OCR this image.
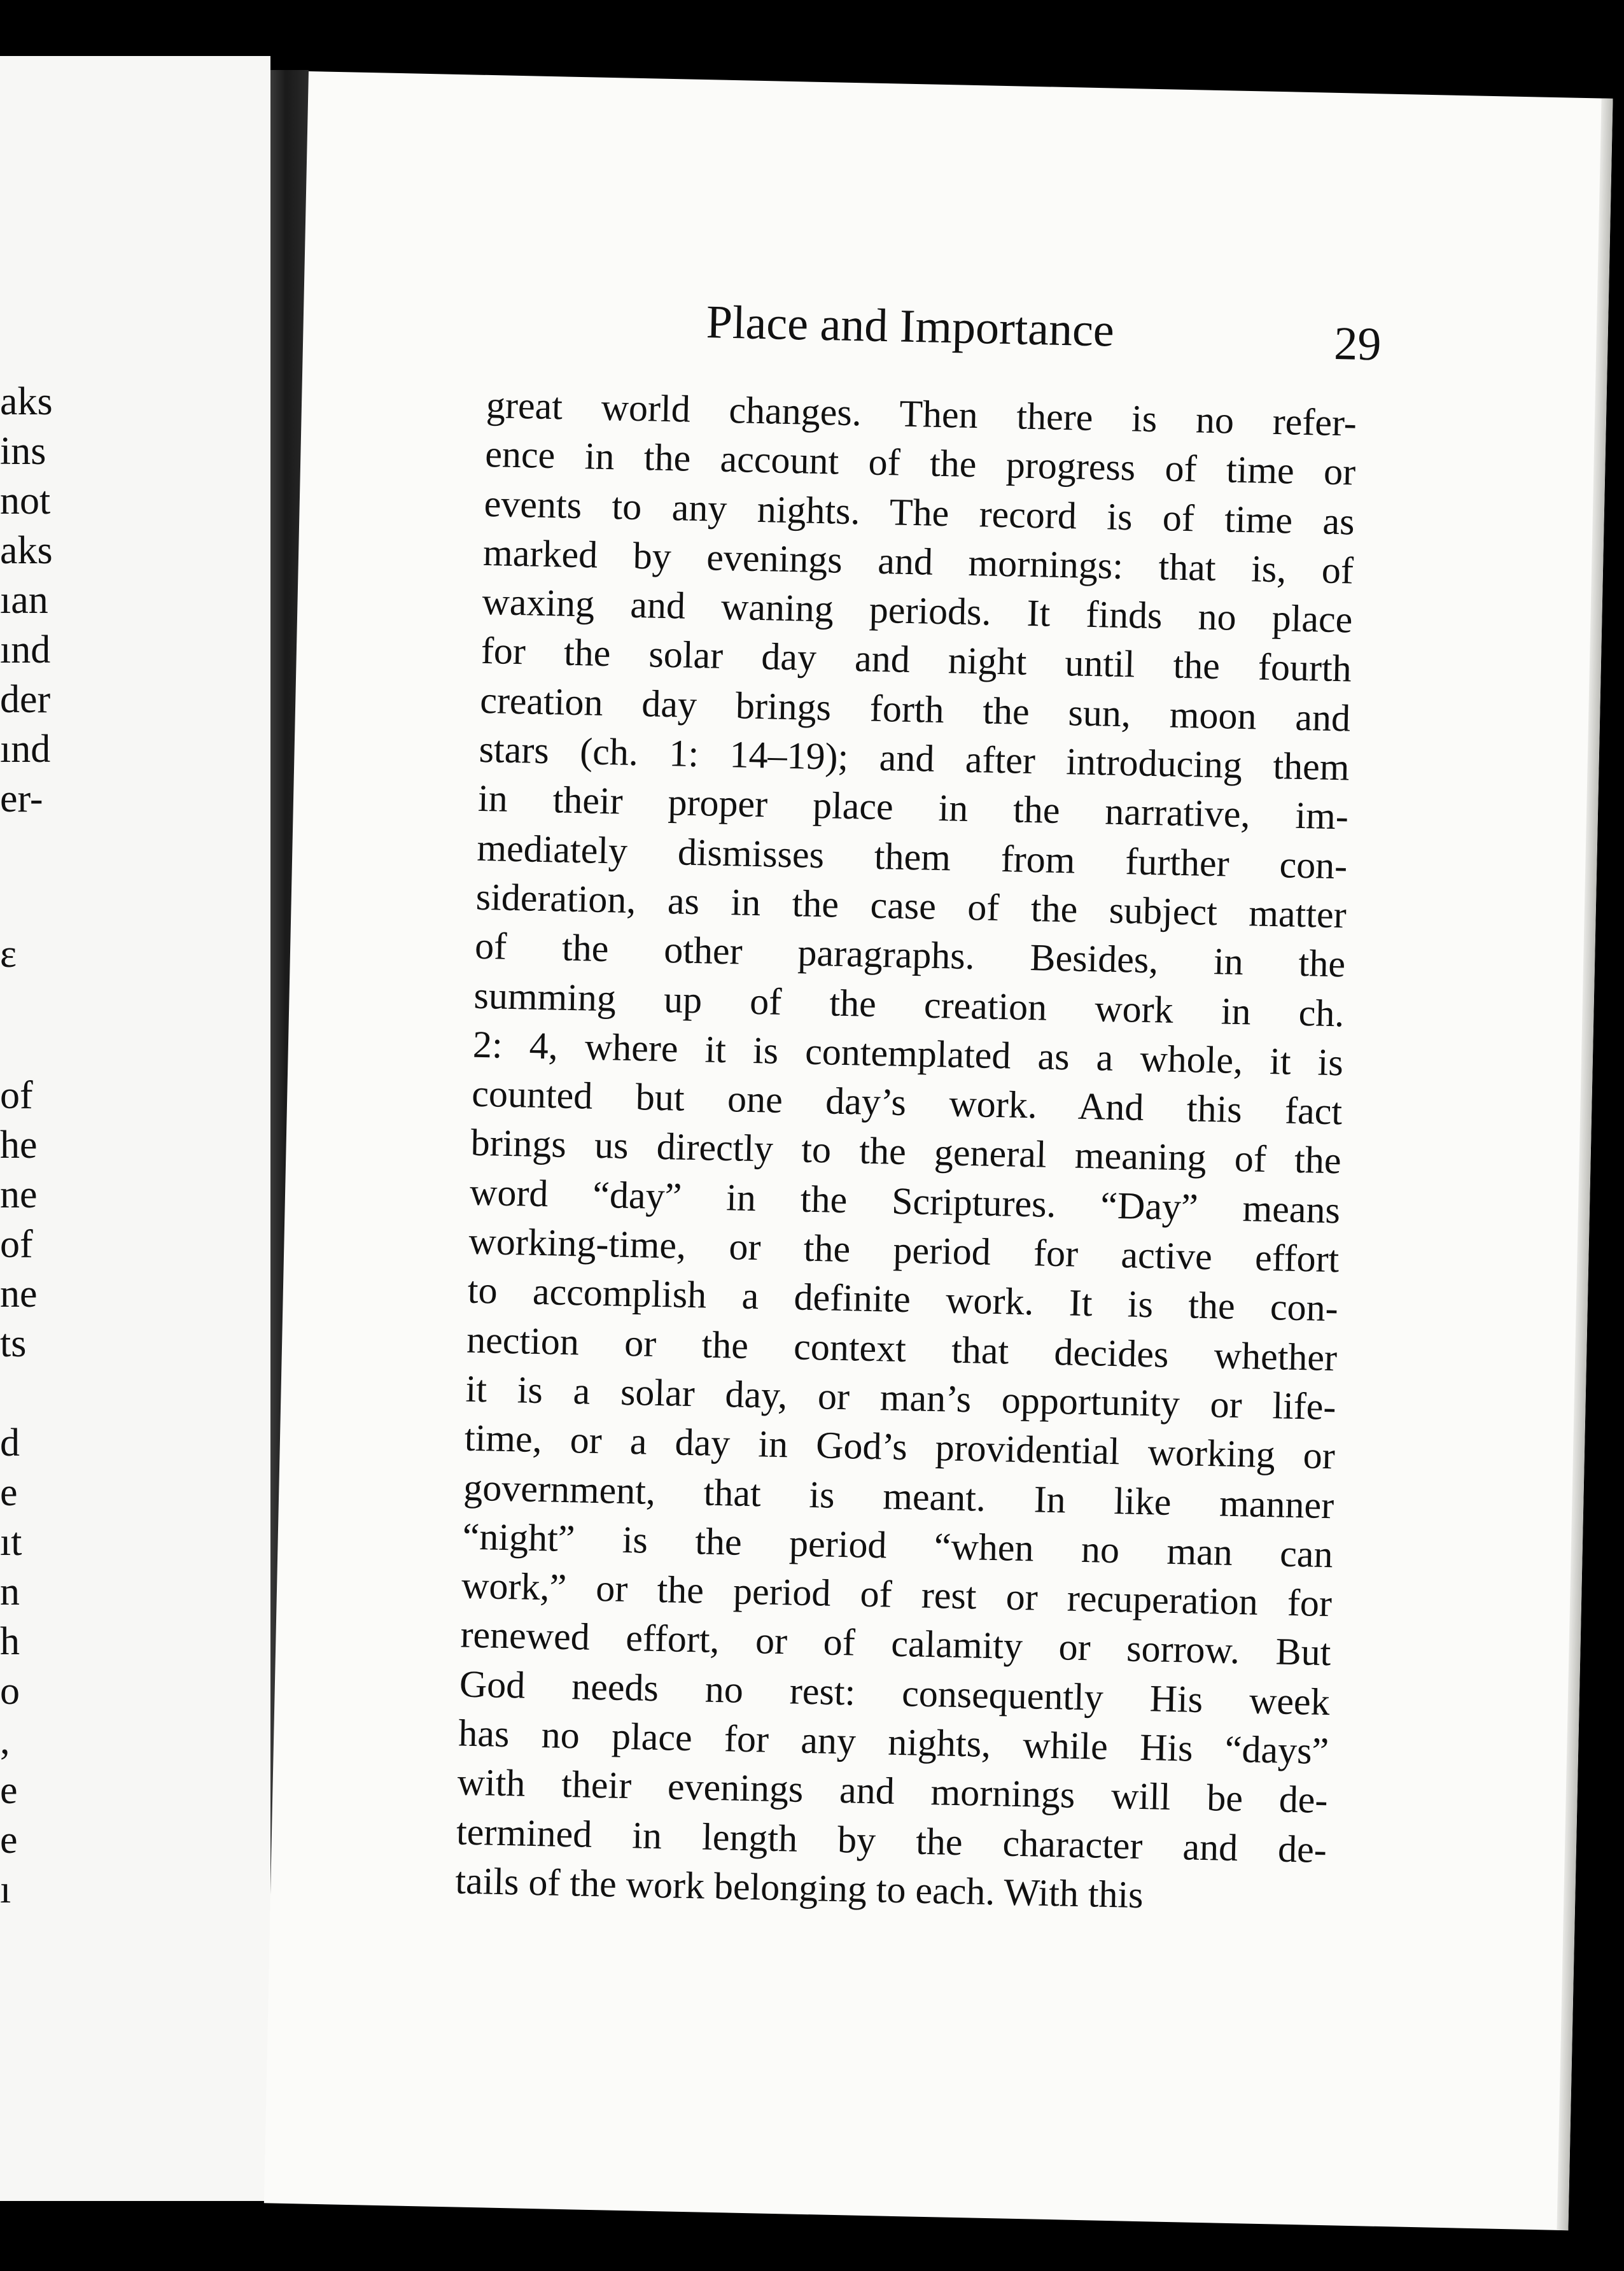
aks
ins
not
aks
ıan
ınd
der
ınd
er-
ɛ
of
he
ne
of
ne
ts
d
e
ıt
n
h
o
,
e
e
ı
Place and Importance	29
great world changes. Then there is no refer-
ence in the account of the progress of time or
events to any nights. The record is of time as
marked by evenings and mornings: that is, of
waxing and waning periods. It finds no place
for the solar day and night until the fourth
creation day brings forth the sun, moon and
stars (ch. 1: 14–19); and after introducing them
in their proper place in the narrative, im-
mediately dismisses them from further con-
sideration, as in the case of the subject matter
of the other paragraphs. Besides, in the
summing up of the creation work in ch.
2: 4, where it is contemplated as a whole, it is
counted but one day’s work. And this fact
brings us directly to the general meaning of the
word “day” in the Scriptures. “Day” means
working-time, or the period for active effort
to accomplish a definite work. It is the con-
nection or the context that decides whether
it is a solar day, or man’s opportunity or life-
time, or a day in God’s providential working or
government, that is meant. In like manner
“night” is the period “when no man can
work,” or the period of rest or recuperation for
renewed effort, or of calamity or sorrow. But
God needs no rest: consequently His week
has no place for any nights, while His “days”
with their evenings and mornings will be de-
termined in length by the character and de-
tails of the work belonging to each. With this
